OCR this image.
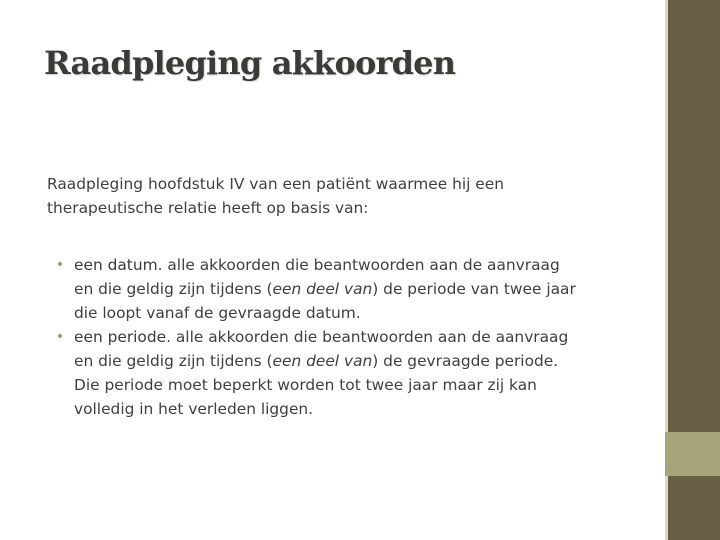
Raadpleging akkoorden

Raadpleging hoofdstuk IV van een patiënt waarmee hij een therapeutische relatie heeft op basis van:

• een datum. alle akkoorden die beantwoorden aan de aanvraag en die geldig zijn tijdens (een deel van) de periode van twee jaar die loopt vanaf de gevraagde datum.
• een periode. alle akkoorden die beantwoorden aan de aanvraag en die geldig zijn tijdens (een deel van) de gevraagde periode. Die periode moet beperkt worden tot twee jaar maar zij kan volledig in het verleden liggen.
